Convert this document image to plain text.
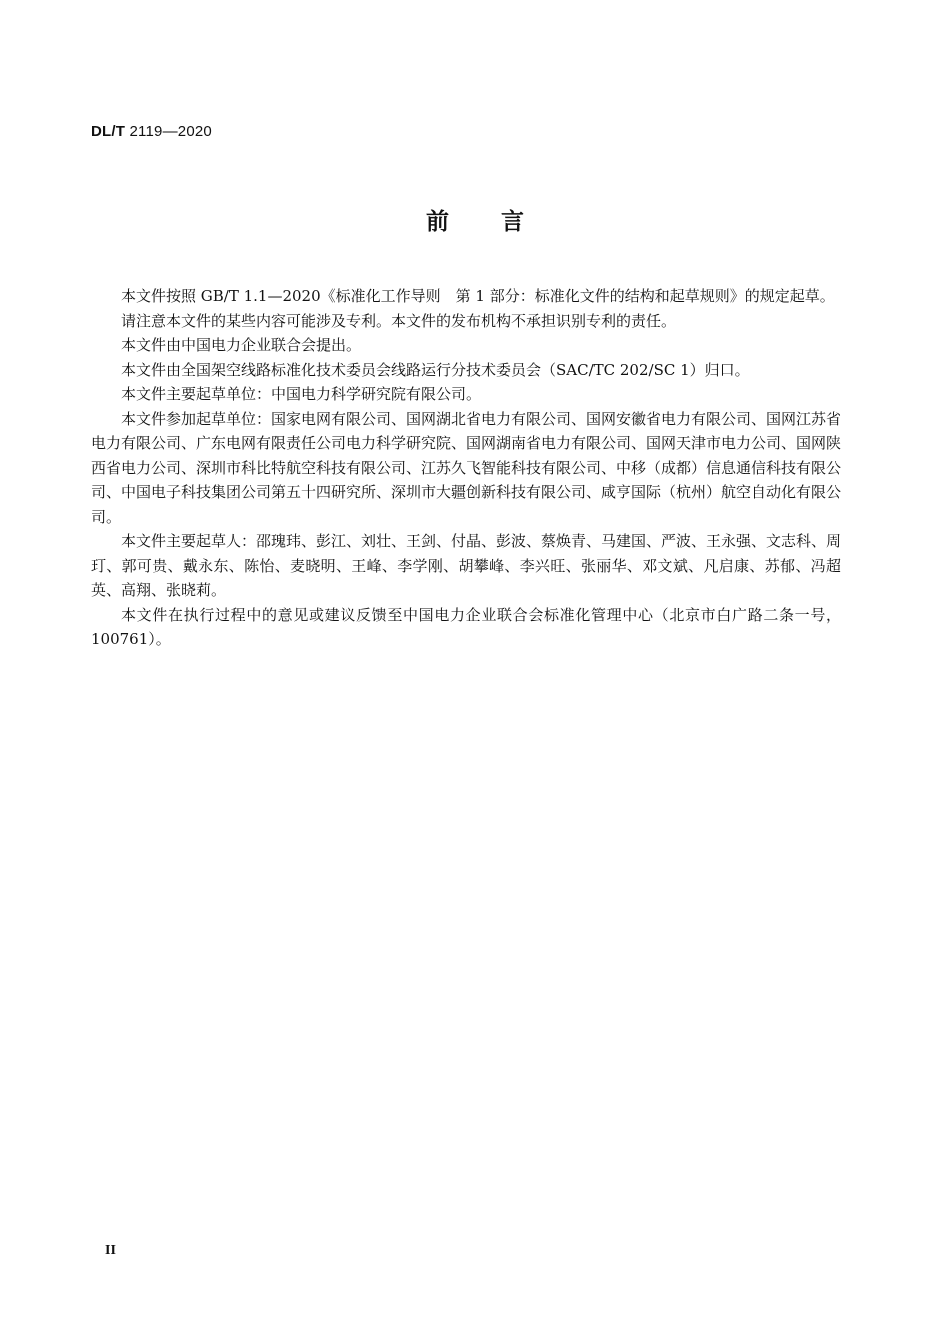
DL/T 2119—2020
前 言

本文件按照 GB/T 1.1—2020《标准化工作导则　第 1 部分：标准化文件的结构和起草规则》的规定起草。

请注意本文件的某些内容可能涉及专利。本文件的发布机构不承担识别专利的责任。

本文件由中国电力企业联合会提出。

本文件由全国架空线路标准化技术委员会线路运行分技术委员会（SAC/TC 202/SC 1）归口。

本文件主要起草单位：中国电力科学研究院有限公司。

本文件参加起草单位：国家电网有限公司、国网湖北省电力有限公司、国网安徽省电力有限公司、国网江苏省电力有限公司、广东电网有限责任公司电力科学研究院、国网湖南省电力有限公司、国网天津市电力公司、国网陕西省电力公司、深圳市科比特航空科技有限公司、江苏久飞智能科技有限公司、中移（成都）信息通信科技有限公司、中国电子科技集团公司第五十四研究所、深圳市大疆创新科技有限公司、咸亨国际（杭州）航空自动化有限公司。

本文件主要起草人：邵瑰玮、彭江、刘壮、王剑、付晶、彭波、蔡焕青、马建国、严波、王永强、文志科、周玎、郭可贵、戴永东、陈怡、麦晓明、王峰、李学刚、胡攀峰、李兴旺、张丽华、邓文斌、凡启康、苏郁、冯超英、高翔、张晓莉。

本文件在执行过程中的意见或建议反馈至中国电力企业联合会标准化管理中心（北京市白广路二条一号，100761）。

II
